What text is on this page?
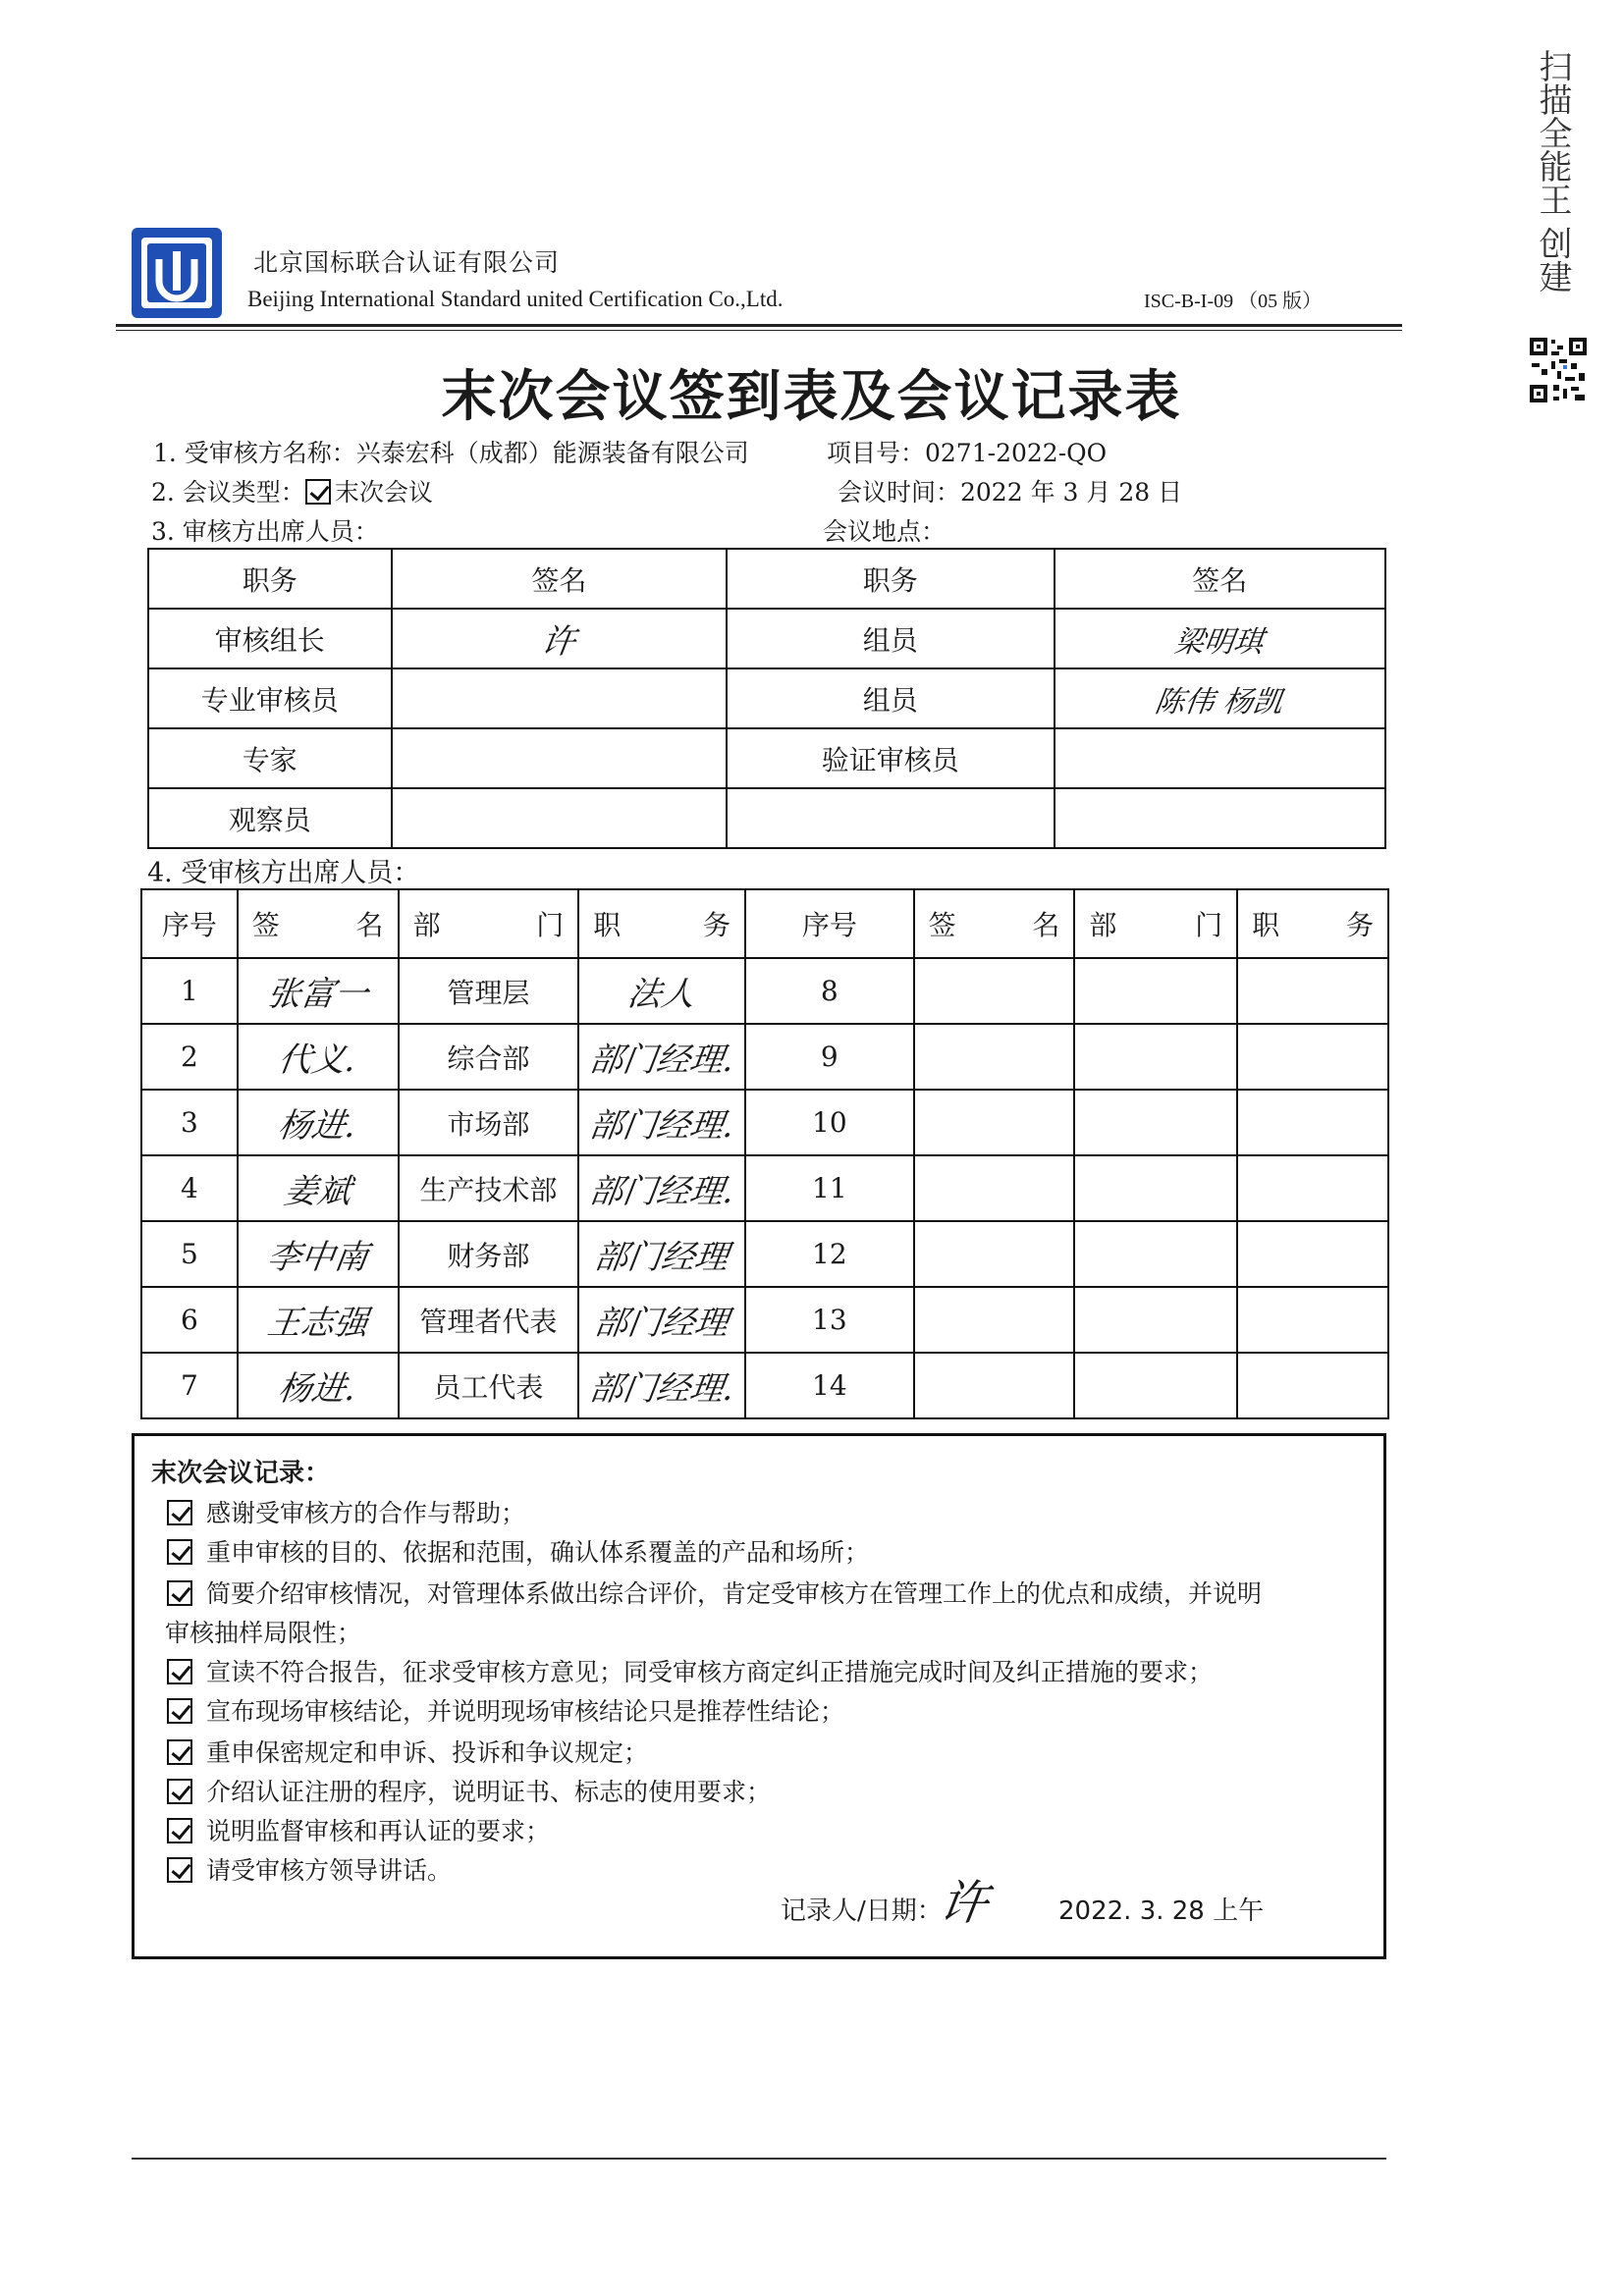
扫描全能王 创建
北京国标联合认证有限公司
Beijing International Standard united Certification Co.,Ltd.	ISC-B-I-09 （05 版）
末次会议签到表及会议记录表
1. 受审核方名称：兴泰宏科（成都）能源装备有限公司	项目号：0271-2022-QO
2. 会议类型： 末次会议	会议时间：2022 年 3 月 28 日
3. 审核方出席人员：	会议地点：
职务	签名	职务	签名
审核组长	许	组员	梁明琪
专业审核员		组员	陈伟 杨凯
专家		验证审核员	
观察员			
4. 受审核方出席人员：
序号	签 名	部 门	职 务	序号	签 名	部 门	职 务

1	张富一	管理层	法人	8			
2	代义.	综合部	部门经理.	9			
3	杨进.	市场部	部门经理.	10			
4	姜斌	生产技术部	部门经理.	11			
5	李中南	财务部	部门经理	12			
6	王志强	管理者代表	部门经理	13			
7	杨进.	员工代表	部门经理.	14			
末次会议记录：
感谢受审核方的合作与帮助；
重申审核的目的、依据和范围，确认体系覆盖的产品和场所；
简要介绍审核情况，对管理体系做出综合评价，肯定受审核方在管理工作上的优点和成绩，并说明
审核抽样局限性；
宣读不符合报告，征求受审核方意见；同受审核方商定纠正措施完成时间及纠正措施的要求；
宣布现场审核结论，并说明现场审核结论只是推荐性结论；
重申保密规定和申诉、投诉和争议规定；
介绍认证注册的程序，说明证书、标志的使用要求；
说明监督审核和再认证的要求；
请受审核方领导讲话。
记录人/日期：
许	2022. 3. 28 上午
